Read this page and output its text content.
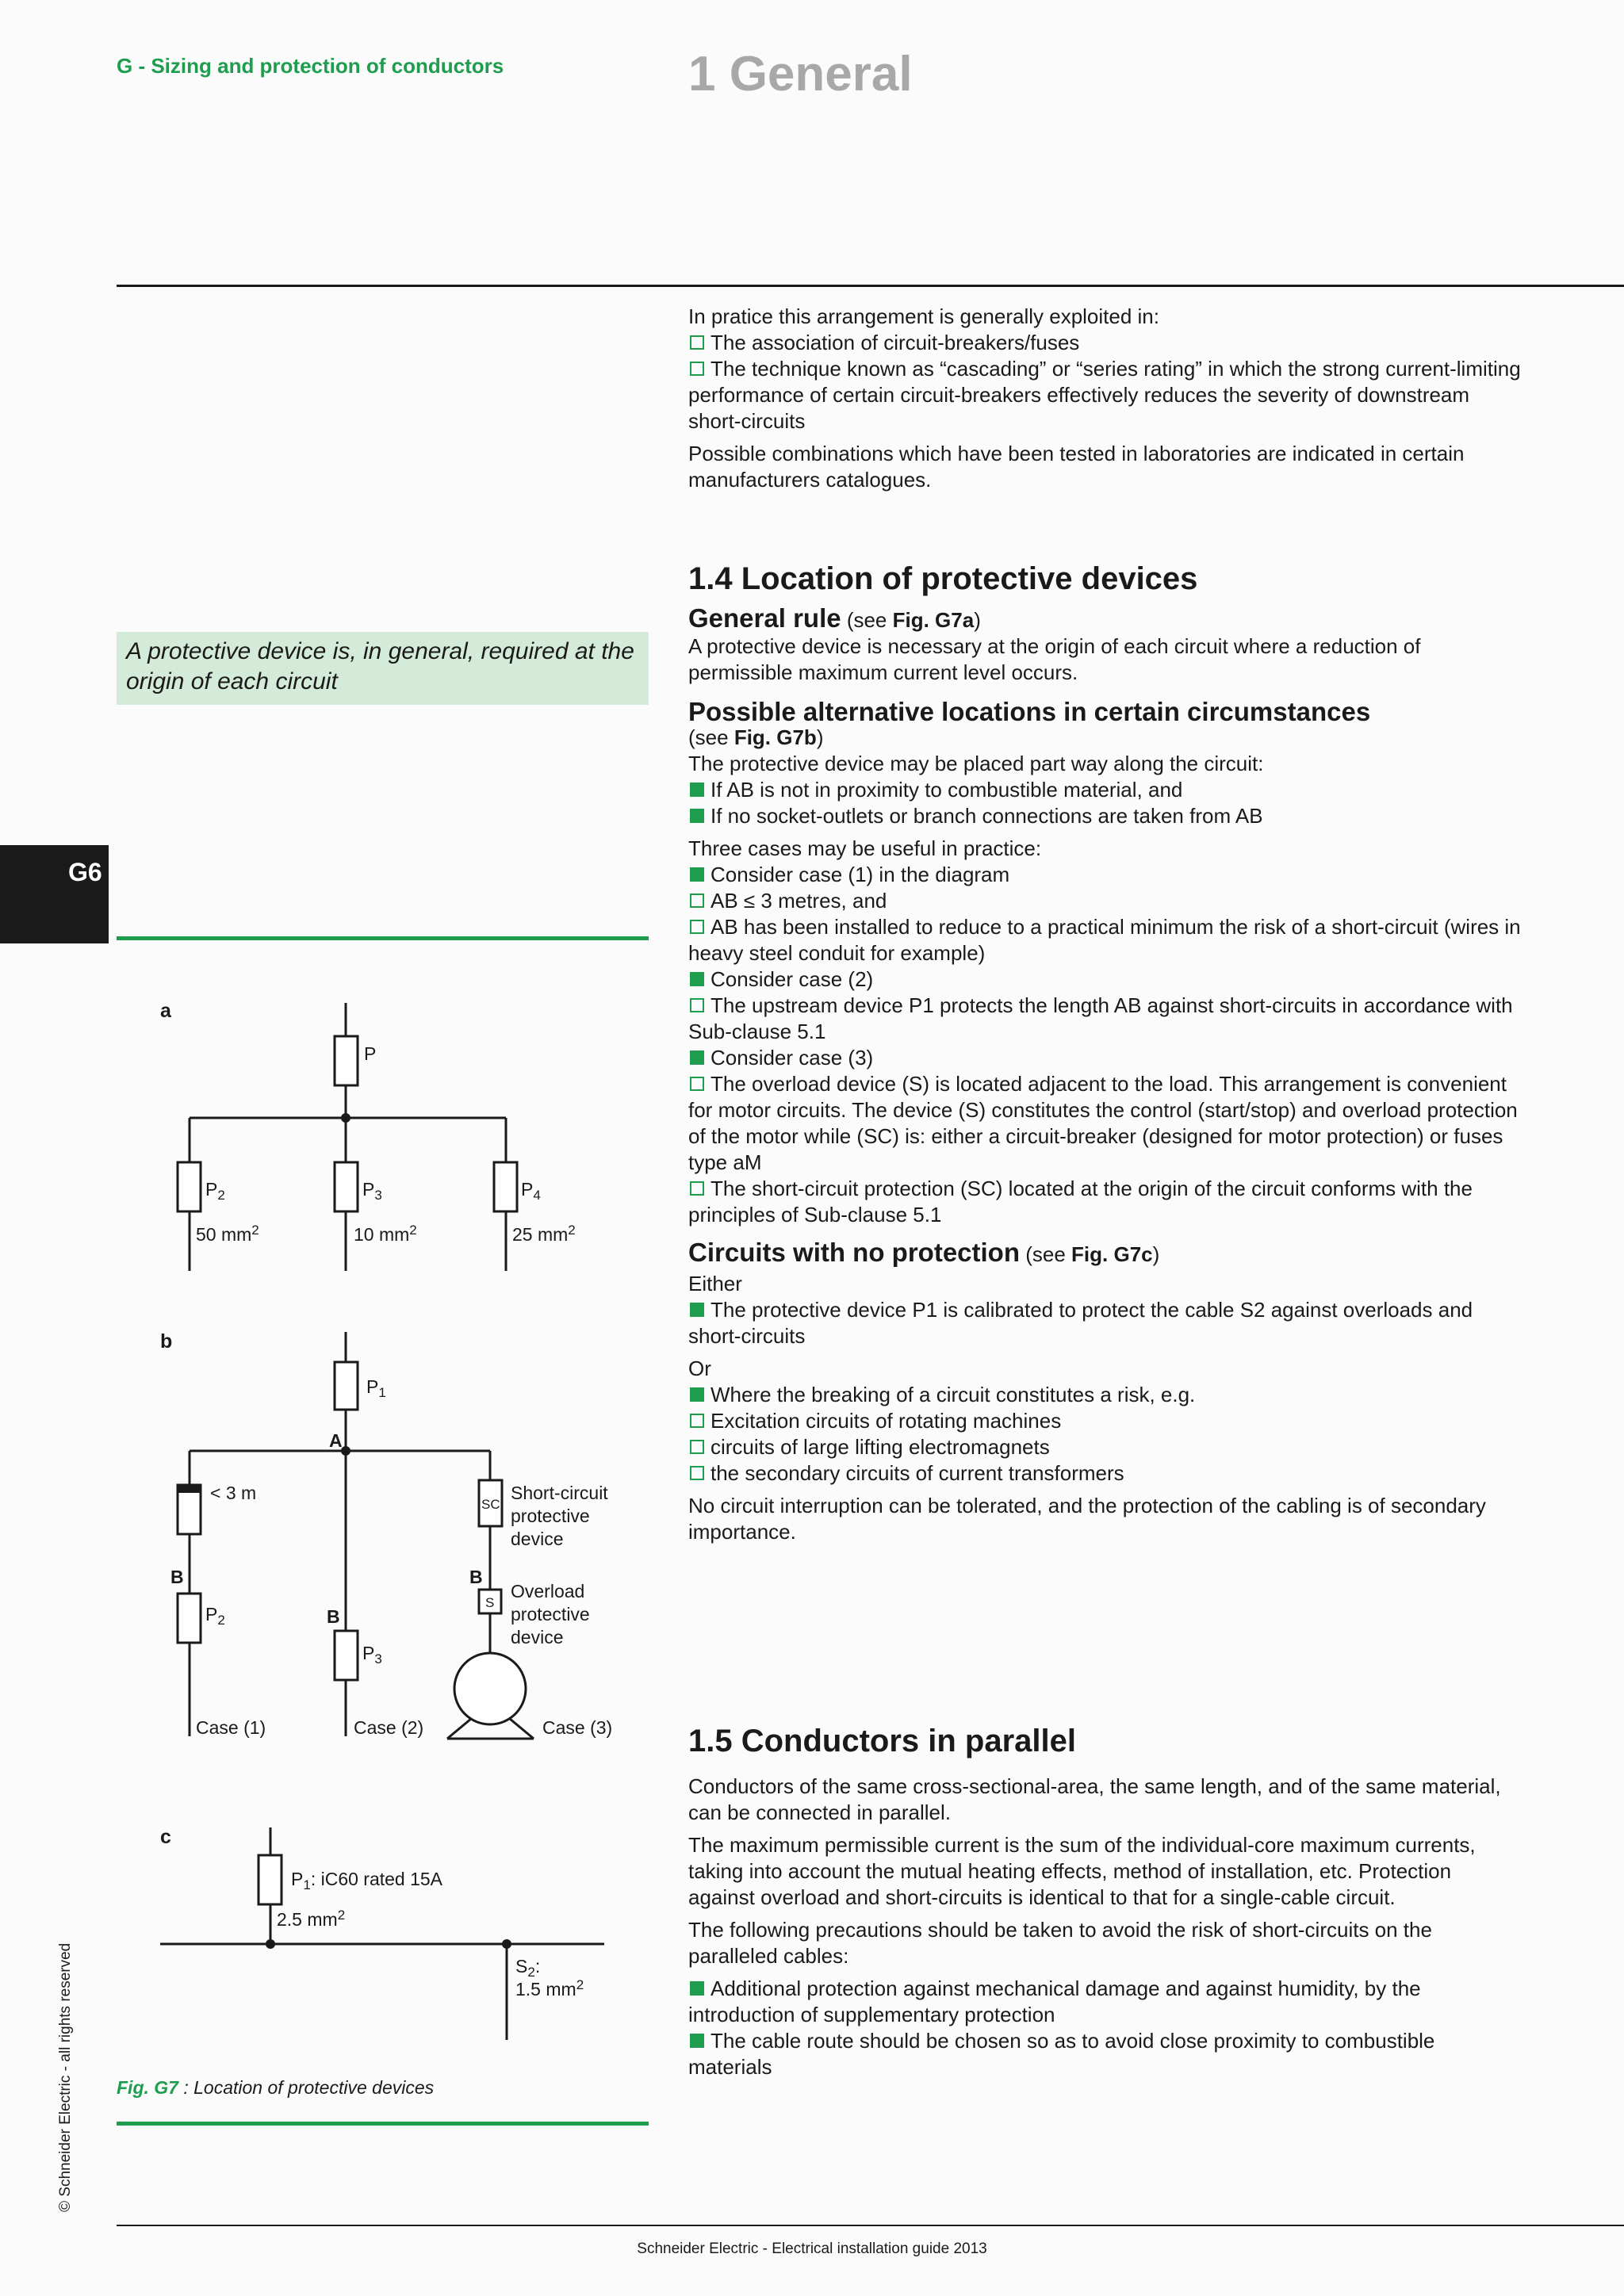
G - Sizing and protection of conductors	1 General
A protective device is, in general, required at the origin of each circuit
G6
a
P
$P_2$	$P_3$	$P_4$
50 $mm^2$	10 $mm^2$	25 $mm^2$
b
$P_1$
A
< 3 m
SC
Short-circuit
protective
device
B	B
B
S
Overload
protective
device
$P_2$
$P_3$
Case (1)	Case (2)	Case (3)
c
$P_1$: iC60 rated 15A
2.5 $mm^2$
$S_2$:
1.5 $mm^2$
Fig. G7 : Location of protective devices

In pratice this arrangement is generally exploited in:

The association of circuit-breakers/fuses

The technique known as “cascading” or “series rating” in which the strong current-limiting performance of certain circuit-breakers effectively reduces the severity of downstream short-circuits

Possible combinations which have been tested in laboratories are indicated in certain manufacturers catalogues.

1.4 Location of protective devices

General rule (see Fig. G7a)

A protective device is necessary at the origin of each circuit where a reduction of permissible maximum current level occurs.

Possible alternative locations in certain circumstances

(see Fig. G7b)

The protective device may be placed part way along the circuit:

If AB is not in proximity to combustible material, and

If no socket-outlets or branch connections are taken from AB

Three cases may be useful in practice:

Consider case (1) in the diagram

AB ≤ 3 metres, and

AB has been installed to reduce to a practical minimum the risk of a short-circuit (wires in heavy steel conduit for example)

Consider case (2)

The upstream device P1 protects the length AB against short-circuits in accordance with Sub-clause 5.1

Consider case (3)

The overload device (S) is located adjacent to the load. This arrangement is convenient for motor circuits. The device (S) constitutes the control (start/stop) and overload protection of the motor while (SC) is: either a circuit-breaker (designed for motor protection) or fuses type aM

The short-circuit protection (SC) located at the origin of the circuit conforms with the principles of Sub-clause 5.1

Circuits with no protection (see Fig. G7c)

Either

The protective device P1 is calibrated to protect the cable S2 against overloads and short-circuits

Or

Where the breaking of a circuit constitutes a risk, e.g.

Excitation circuits of rotating machines

circuits of large lifting electromagnets

the secondary circuits of current transformers

No circuit interruption can be tolerated, and the protection of the cabling is of secondary importance.

1.5 Conductors in parallel

Conductors of the same cross-sectional-area, the same length, and of the same material, can be connected in parallel.

The maximum permissible current is the sum of the individual-core maximum currents, taking into account the mutual heating effects, method of installation, etc. Protection against overload and short-circuits is identical to that for a single-cable circuit.

The following precautions should be taken to avoid the risk of short-circuits on the paralleled cables:

Additional protection against mechanical damage and against humidity, by the introduction of supplementary protection

The cable route should be chosen so as to avoid close proximity to combustible materials

© Schneider Electric - all rights reserved
Schneider Electric - Electrical installation guide 2013
